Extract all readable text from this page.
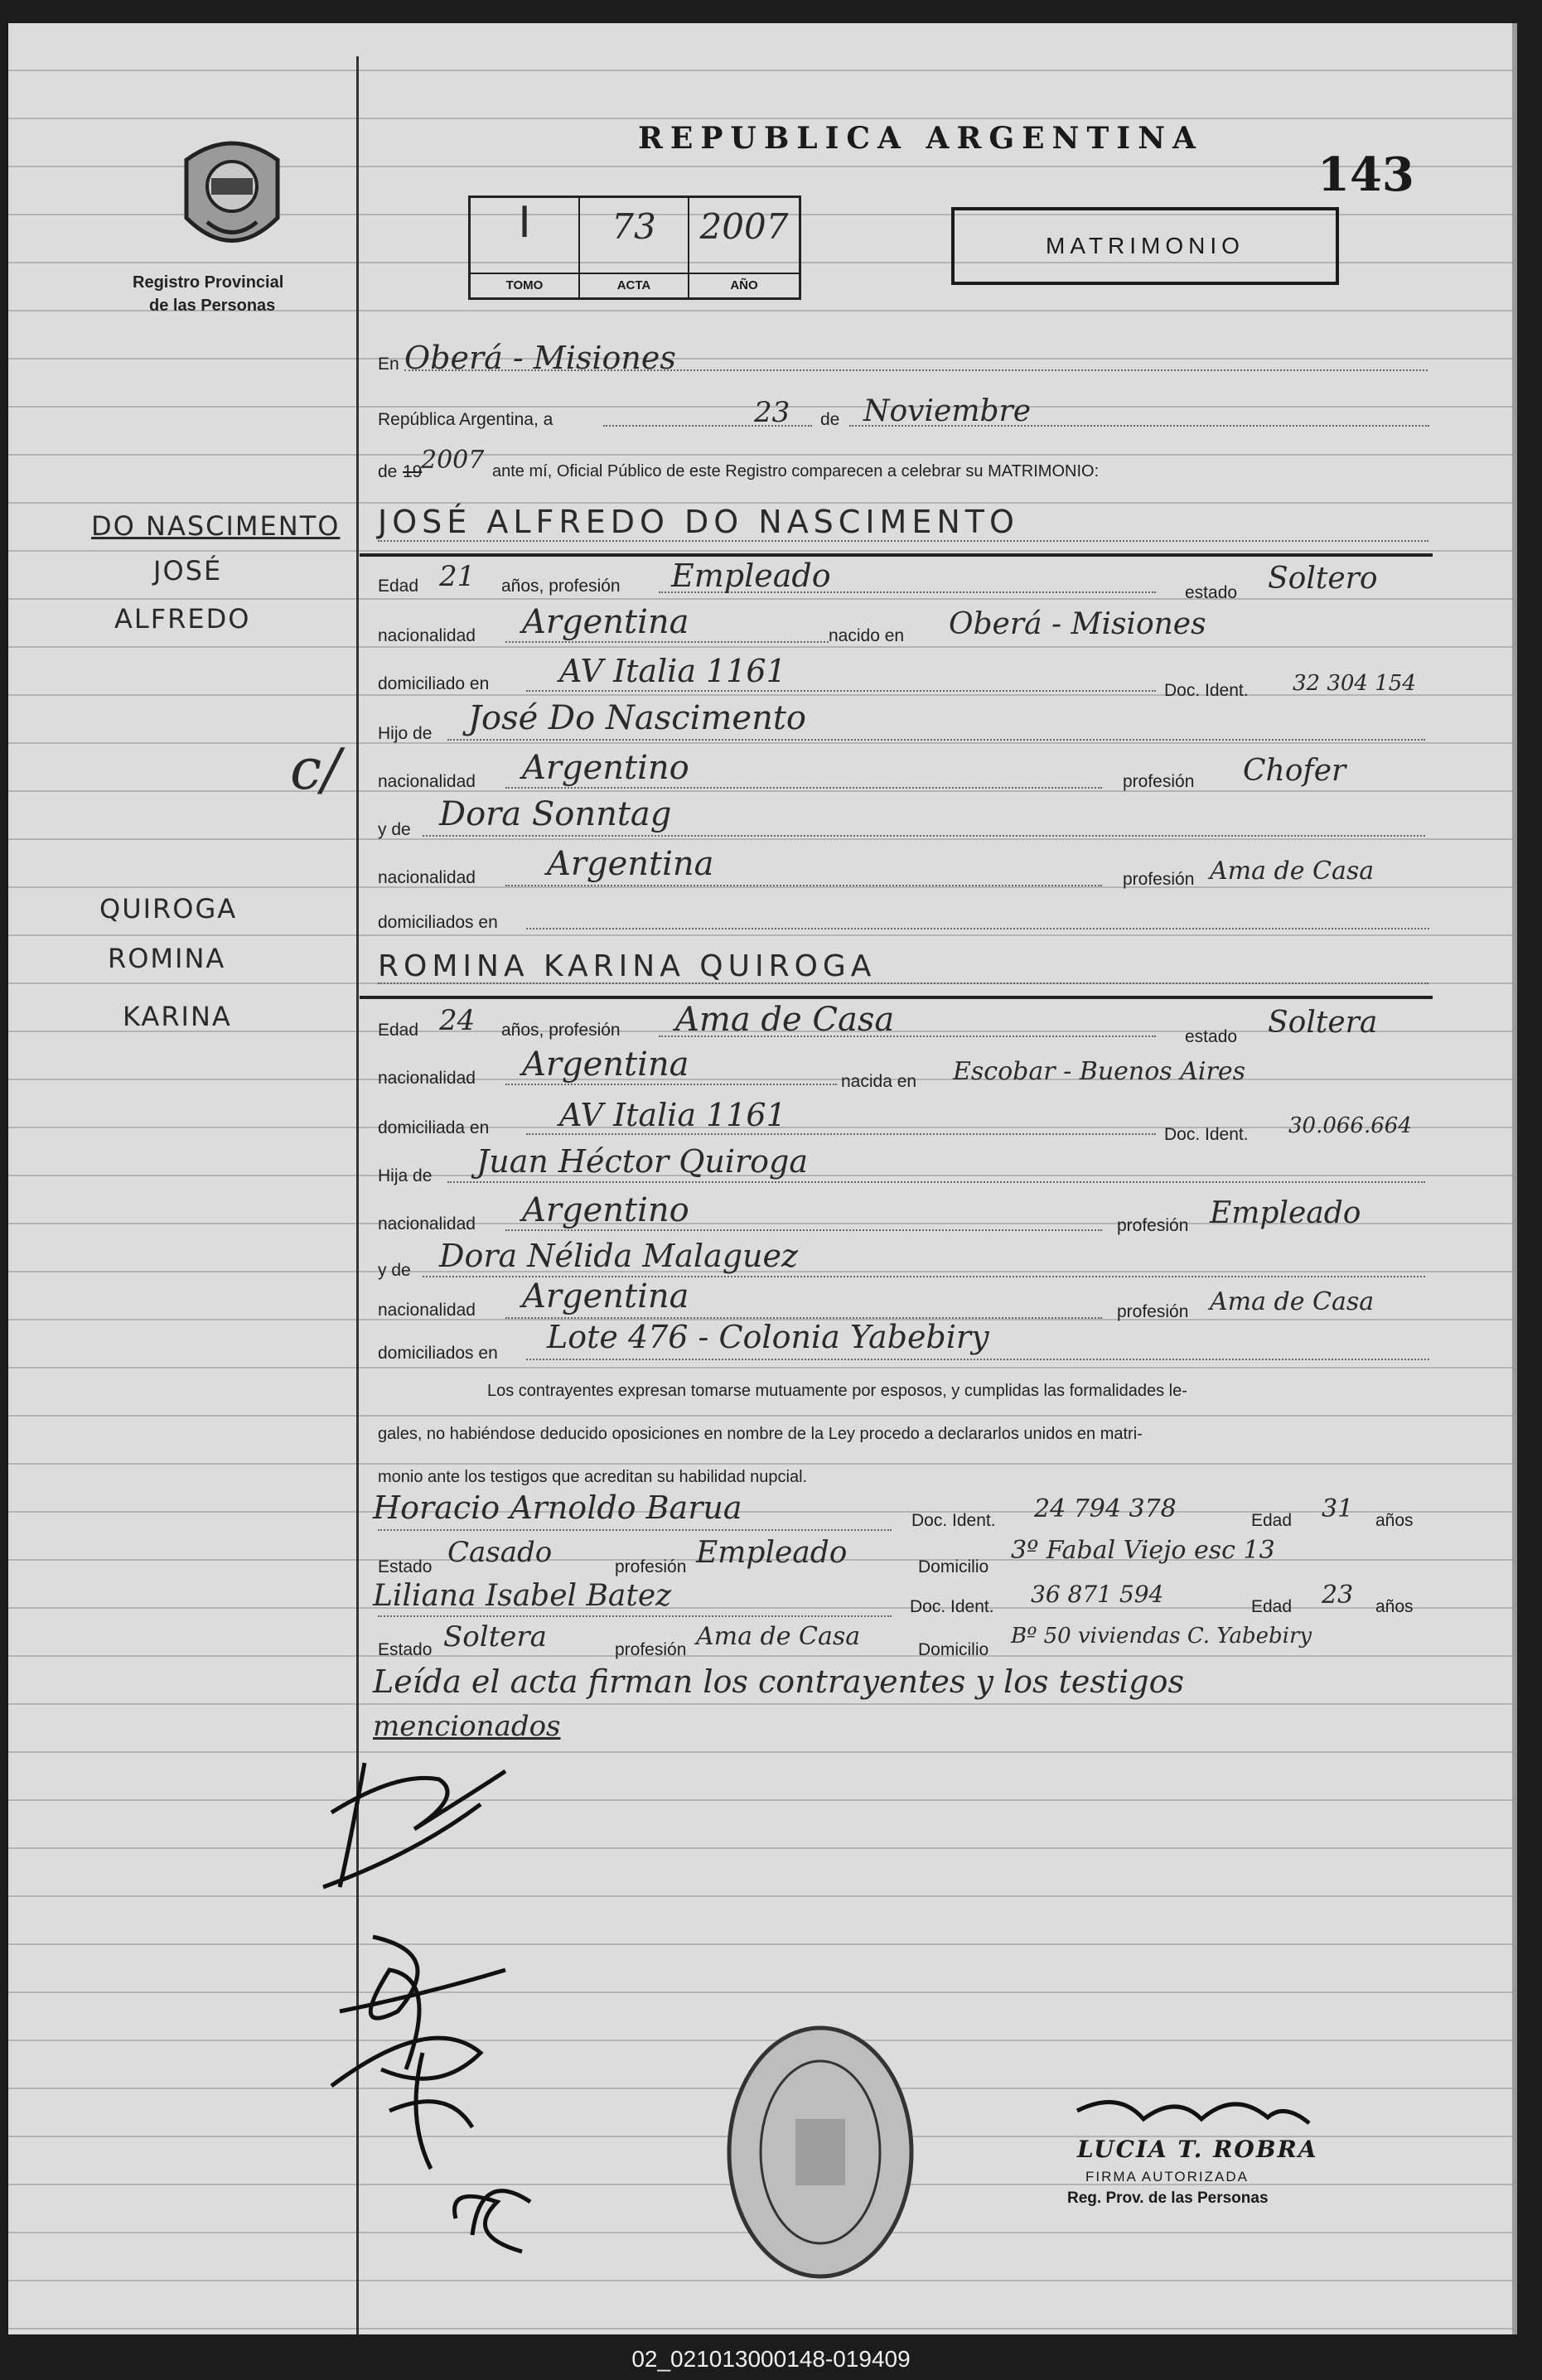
Registro Provincial
de las Personas
REPUBLICA ARGENTINA
143
I	73	2007
TOMO	ACTA	AÑO
MATRIMONIO
DO NASCIMENTO
JOSÉ
ALFREDO
c/
QUIROGA
ROMINA
KARINA
En Oberá - Misiones
República Argentina, a	23 de Noviembre
de 19
2007 ante mí, Oficial Público de este Registro comparecen a celebrar su MATRIMONIO:
JOSÉ ALFREDO DO NASCIMENTO
Edad 21 años, profesión Empleado	estado Soltero
nacionalidad Argentina	nacido en Oberá - Misiones
domiciliado en AV Italia 1161
Doc. Ident. 32 304 154
Hijo de José Do Nascimento
nacionalidad Argentino	profesión Chofer
y de Dora Sonntag
nacionalidad Argentina	profesión Ama de Casa
domiciliados en
ROMINA KARINA QUIROGA
Edad 24 años, profesión Ama de Casa	estado Soltera
nacionalidad Argentina	nacida en Escobar - Buenos Aires
domiciliada en AV Italia 1161
Doc. Ident. 30.066.664
Hija de Juan Héctor Quiroga
nacionalidad Argentino	profesión Empleado
y de Dora Nélida Malaguez
nacionalidad Argentina	profesión Ama de Casa
domiciliados en Lote 476 - Colonia Yabebiry
Los contrayentes expresan tomarse mutuamente por esposos, y cumplidas las formalidades le-
gales, no habiéndose deducido oposiciones en nombre de la Ley procedo a declararlos unidos en matri-
monio ante los testigos que acreditan su habilidad nupcial.
Horacio Arnoldo Barua	Doc. Ident. 24 794 378	Edad 31 años
Estado Casado	profesión Empleado	Domicilio
3º Fabal Viejo esc 13
Liliana Isabel Batez	Doc. Ident. 36 871 594	Edad 23 años
Estado Soltera	profesión Ama de Casa	Domicilio
Bº 50 viviendas C. Yabebiry
Leída el acta firman los contrayentes y los testigos
mencionados
LUCIA T. ROBRA
FIRMA AUTORIZADA
Reg. Prov. de las Personas
02_021013000148-019409
